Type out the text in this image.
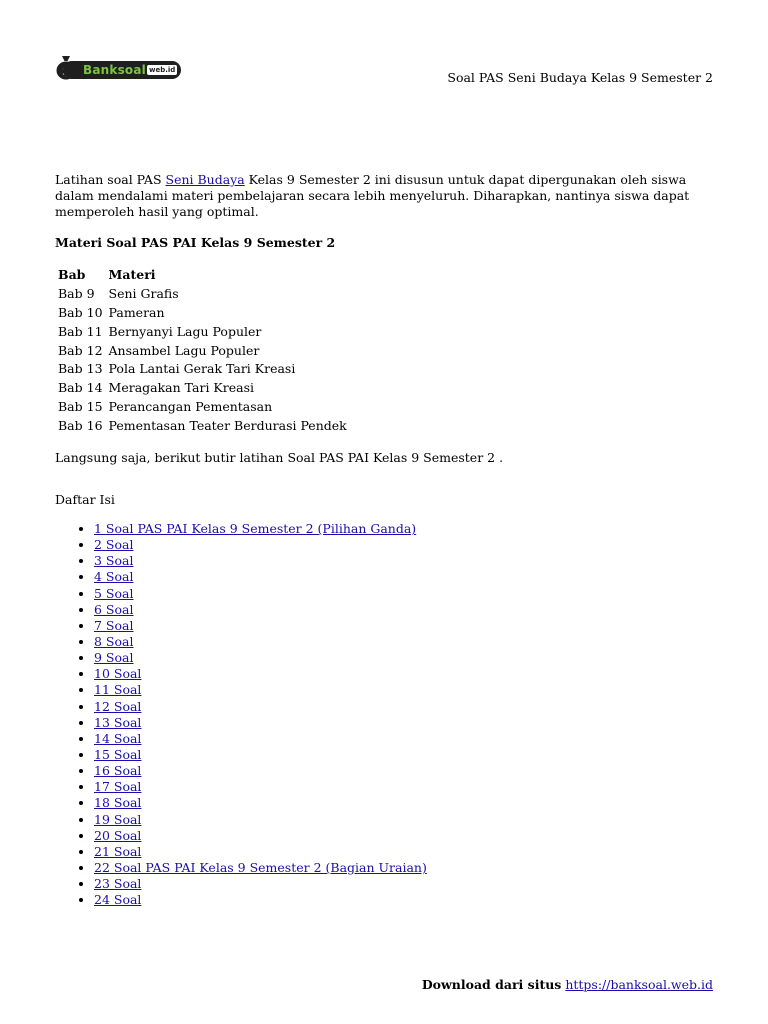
Banksoal web.id	Soal PAS Seni Budaya Kelas 9 Semester 2

Latihan soal PAS Seni Budaya Kelas 9 Semester 2 ini disusun untuk dapat dipergunakan oleh siswa dalam mendalami materi pembelajaran secara lebih menyeluruh. Diharapkan, nantinya siswa dapat memperoleh hasil yang optimal.

Materi Soal PAS PAI Kelas 9 Semester 2

Bab	Materi
Bab 9	Seni Grafis
Bab 10	Pameran
Bab 11	Bernyanyi Lagu Populer
Bab 12	Ansambel Lagu Populer
Bab 13	Pola Lantai Gerak Tari Kreasi
Bab 14	Meragakan Tari Kreasi
Bab 15	Perancangan Pementasan
Bab 16	Pementasan Teater Berdurasi Pendek

Langsung saja, berikut butir latihan Soal PAS PAI Kelas 9 Semester 2 .

Daftar Isi

• 1 Soal PAS PAI Kelas 9 Semester 2 (Pilihan Ganda)
• 2 Soal
• 3 Soal
• 4 Soal
• 5 Soal
• 6 Soal
• 7 Soal
• 8 Soal
• 9 Soal
• 10 Soal
• 11 Soal
• 12 Soal
• 13 Soal
• 14 Soal
• 15 Soal
• 16 Soal
• 17 Soal
• 18 Soal
• 19 Soal
• 20 Soal
• 21 Soal
• 22 Soal PAS PAI Kelas 9 Semester 2 (Bagian Uraian)
• 23 Soal
• 24 Soal
Download dari situs https://banksoal.web.id
